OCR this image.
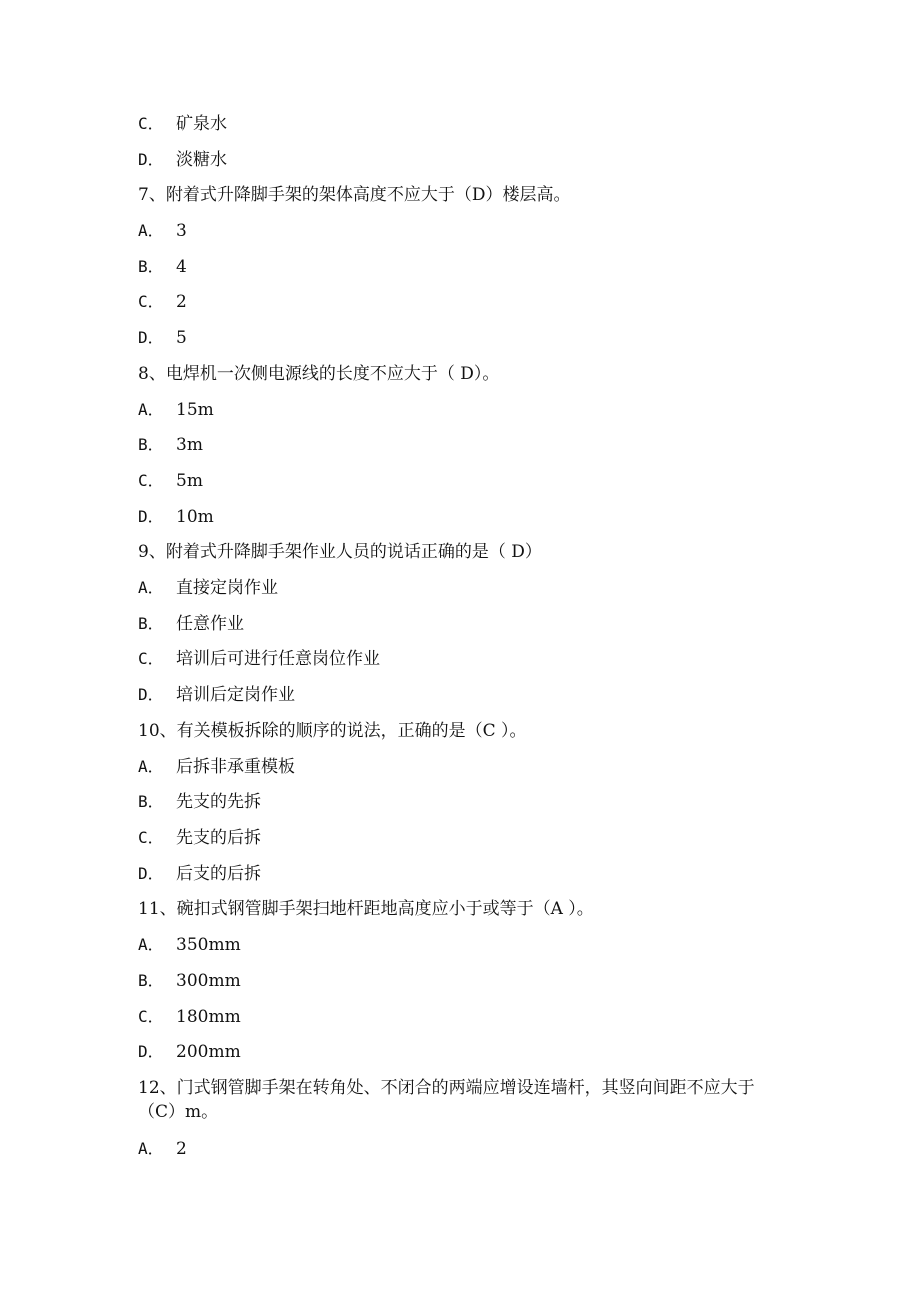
C． 矿泉水
D． 淡糖水
7、附着式升降脚手架的架体高度不应大于（D）楼层高。
A． 3
B． 4
C． 2
D． 5
8、电焊机一次侧电源线的长度不应大于（ D）。
A． 15m
B． 3m
C． 5m
D． 10m
9、附着式升降脚手架作业人员的说话正确的是（ D）
A． 直接定岗作业
B． 任意作业
C． 培训后可进行任意岗位作业
D． 培训后定岗作业
10、有关模板拆除的顺序的说法，正确的是（C ）。
A． 后拆非承重模板
B． 先支的先拆
C． 先支的后拆
D． 后支的后拆
11、碗扣式钢管脚手架扫地杆距地高度应小于或等于（A ）。
A． 350mm
B． 300mm
C． 180mm
D． 200mm
12、门式钢管脚手架在转角处、不闭合的两端应增设连墙杆，其竖向间距不应大于（C）m。
A． 2
